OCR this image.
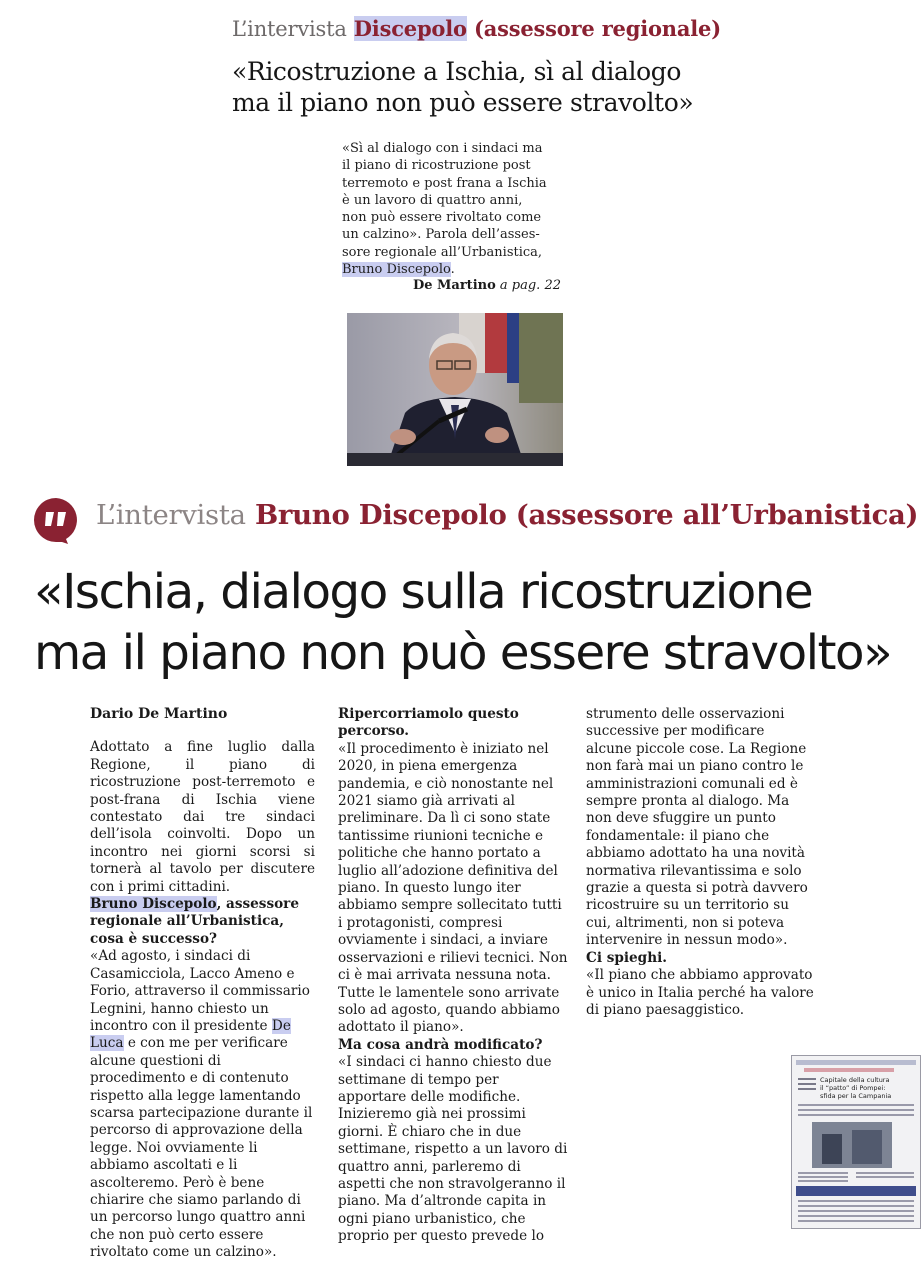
L’intervista Discepolo (assessore regionale)
«Ricostruzione a Ischia, sì al dialogo
ma il piano non può essere stravolto»
«Sì al dialogo con i sindaci ma
il piano di ricostruzione post
terremoto e post frana a Ischia
è un lavoro di quattro anni,
non può essere rivoltato come
un calzino». Parola dell’asses-
sore regionale all’Urbanistica,
Bruno Discepolo.
De Martino a pag. 22
L’intervista Bruno Discepolo (assessore all’Urbanistica)
«Ischia, dialogo sulla ricostruzione
ma il piano non può essere stravolto»

Dario De Martino

Adottato a fine luglio dalla Regione, il piano di ricostruzione post-terremoto e post-frana di Ischia viene contestato dai tre sindaci dell’isola coinvolti. Dopo un incontro nei giorni scorsi si tornerà al tavolo per discutere con i primi cittadini.

Bruno Discepolo, assessore regionale all’Urbanistica, cosa è successo?

«Ad agosto, i sindaci di Casamicciola, Lacco Ameno e Forio, attraverso il commissario Legnini, hanno chiesto un incontro con il presidente De Luca e con me per verificare alcune questioni di procedimento e di contenuto rispetto alla legge lamentando scarsa partecipazione durante il percorso di approvazione della legge. Noi ovviamente li abbiamo ascoltati e li ascolteremo. Però è bene chiarire che siamo parlando di un percorso lungo quattro anni che non può certo essere rivoltato come un calzino».

Ripercorriamolo questo percorso.

«Il procedimento è iniziato nel 2020, in piena emergenza pandemia, e ciò nonostante nel 2021 siamo già arrivati al preliminare. Da lì ci sono state tantissime riunioni tecniche e politiche che hanno portato a luglio all’adozione definitiva del piano. In questo lungo iter abbiamo sempre sollecitato tutti i protagonisti, compresi ovviamente i sindaci, a inviare osservazioni e rilievi tecnici. Non ci è mai arrivata nessuna nota. Tutte le lamentele sono arrivate solo ad agosto, quando abbiamo adottato il piano».

Ma cosa andrà modificato?

«I sindaci ci hanno chiesto due settimane di tempo per apportare delle modifiche. Inizieremo già nei prossimi giorni. È chiaro che in due settimane, rispetto a un lavoro di quattro anni, parleremo di aspetti che non stravolgeranno il piano. Ma d’altronde capita in ogni piano urbanistico, che proprio per questo prevede lo

strumento delle osservazioni successive per modificare alcune piccole cose. La Regione non farà mai un piano contro le amministrazioni comunali ed è sempre pronta al dialogo. Ma non deve sfuggire un punto fondamentale: il piano che abbiamo adottato ha una novità normativa rilevantissima e solo grazie a questa si potrà davvero ricostruire su un territorio su cui, altrimenti, non si poteva intervenire in nessun modo».

Ci spieghi.

«Il piano che abbiamo approvato è unico in Italia perché ha valore di piano paesaggistico.

Capitale della cultura
il “patto” di Pompei:
sfida per la Campania
